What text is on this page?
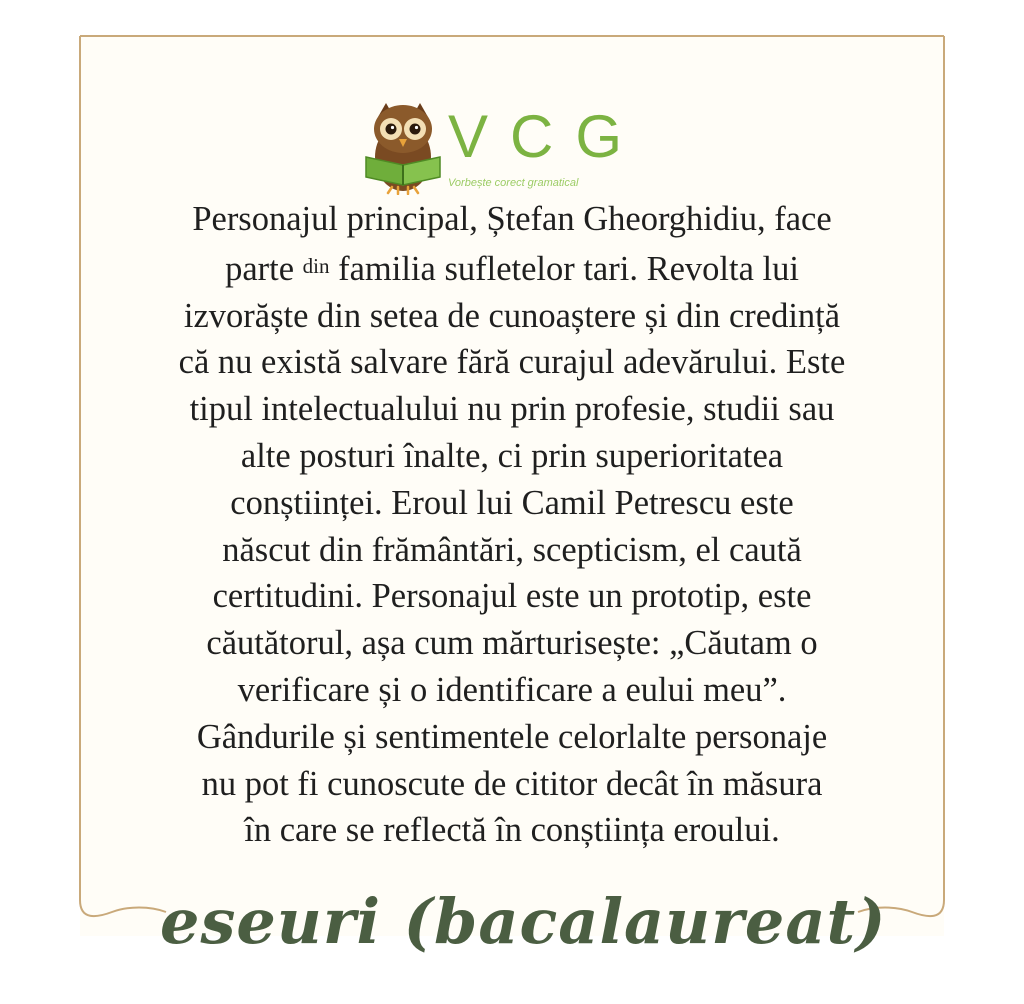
VCG
Vorbește corect gramatical
Personajul principal, Ștefan Gheorghidiu, face
parte $^{din}$ familia sufletelor tari. Revolta lui
izvorăște din setea de cunoaștere și din credință
că nu există salvare fără curajul adevărului. Este
tipul intelectualului nu prin profesie, studii sau
alte posturi înalte, ci prin superioritatea
conștiinței. Eroul lui Camil Petrescu este
născut din frământări, scepticism, el caută
certitudini. Personajul este un prototip, este
căutătorul, așa cum mărturisește: „Căutam o
verificare și o identificare a eului meu”.
Gândurile și sentimentele celorlalte personaje
nu pot fi cunoscute de cititor decât în măsura
în care se reflectă în conștiința eroului.
eseuri (bacalaureat)
